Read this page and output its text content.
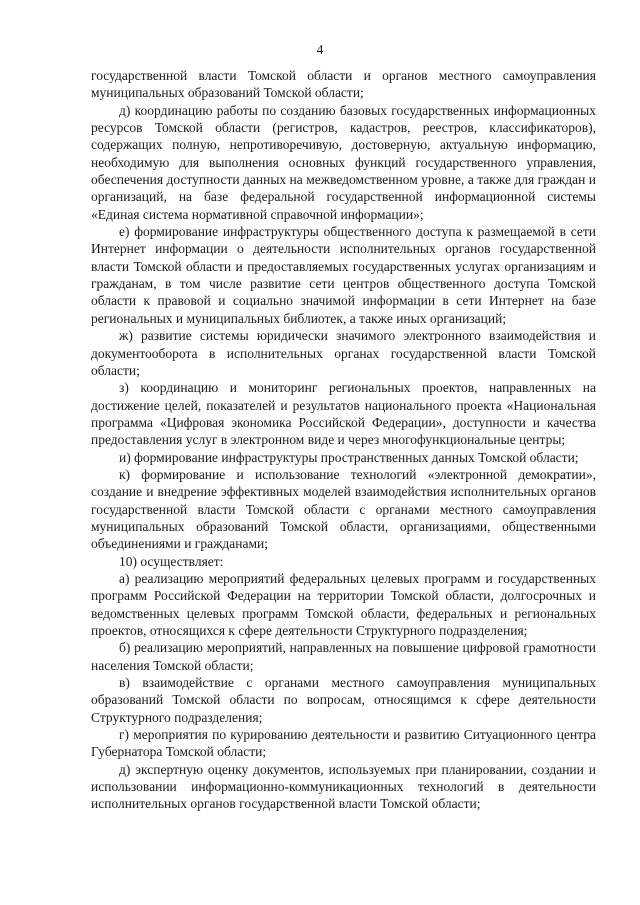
4

государственной власти Томской области и органов местного самоуправления муниципальных образований Томской области;

д) координацию работы по созданию базовых государственных информационных ресурсов Томской области (регистров, кадастров, реестров, классификаторов), содержащих полную, непротиворечивую, достоверную, актуальную информацию, необходимую для выполнения основных функций государственного управления, обеспечения доступности данных на межведомственном уровне, а также для граждан и организаций, на базе федеральной государственной информационной системы «Единая система нормативной справочной информации»;

е) формирование инфраструктуры общественного доступа к размещаемой в сети Интернет информации о деятельности исполнительных органов государственной власти Томской области и предоставляемых государственных услугах организациям и гражданам, в том числе развитие сети центров общественного доступа Томской области к правовой и социально значимой информации в сети Интернет на базе региональных и муниципальных библиотек, а также иных организаций;

ж) развитие системы юридически значимого электронного взаимодействия и документооборота в исполнительных органах государственной власти Томской области;

з) координацию и мониторинг региональных проектов, направленных на достижение целей, показателей и результатов национального проекта «Национальная программа «Цифровая экономика Российской Федерации», доступности и качества предоставления услуг в электронном виде и через многофункциональные центры;

и) формирование инфраструктуры пространственных данных Томской области;

к) формирование и использование технологий «электронной демократии», создание и внедрение эффективных моделей взаимодействия исполнительных органов государственной власти Томской области с органами местного самоуправления муниципальных образований Томской области, организациями, общественными объединениями и гражданами;

10) осуществляет:

а) реализацию мероприятий федеральных целевых программ и государственных программ Российской Федерации на территории Томской области, долгосрочных и ведомственных целевых программ Томской области, федеральных и региональных проектов, относящихся к сфере деятельности Структурного подразделения;

б) реализацию мероприятий, направленных на повышение цифровой грамотности населения Томской области;

в) взаимодействие с органами местного самоуправления муниципальных образований Томской области по вопросам, относящимся к сфере деятельности Структурного подразделения;

г) мероприятия по курированию деятельности и развитию Ситуационного центра Губернатора Томской области;

д) экспертную оценку документов, используемых при планировании, создании и использовании информационно-коммуникационных технологий в деятельности исполнительных органов государственной власти Томской области;
